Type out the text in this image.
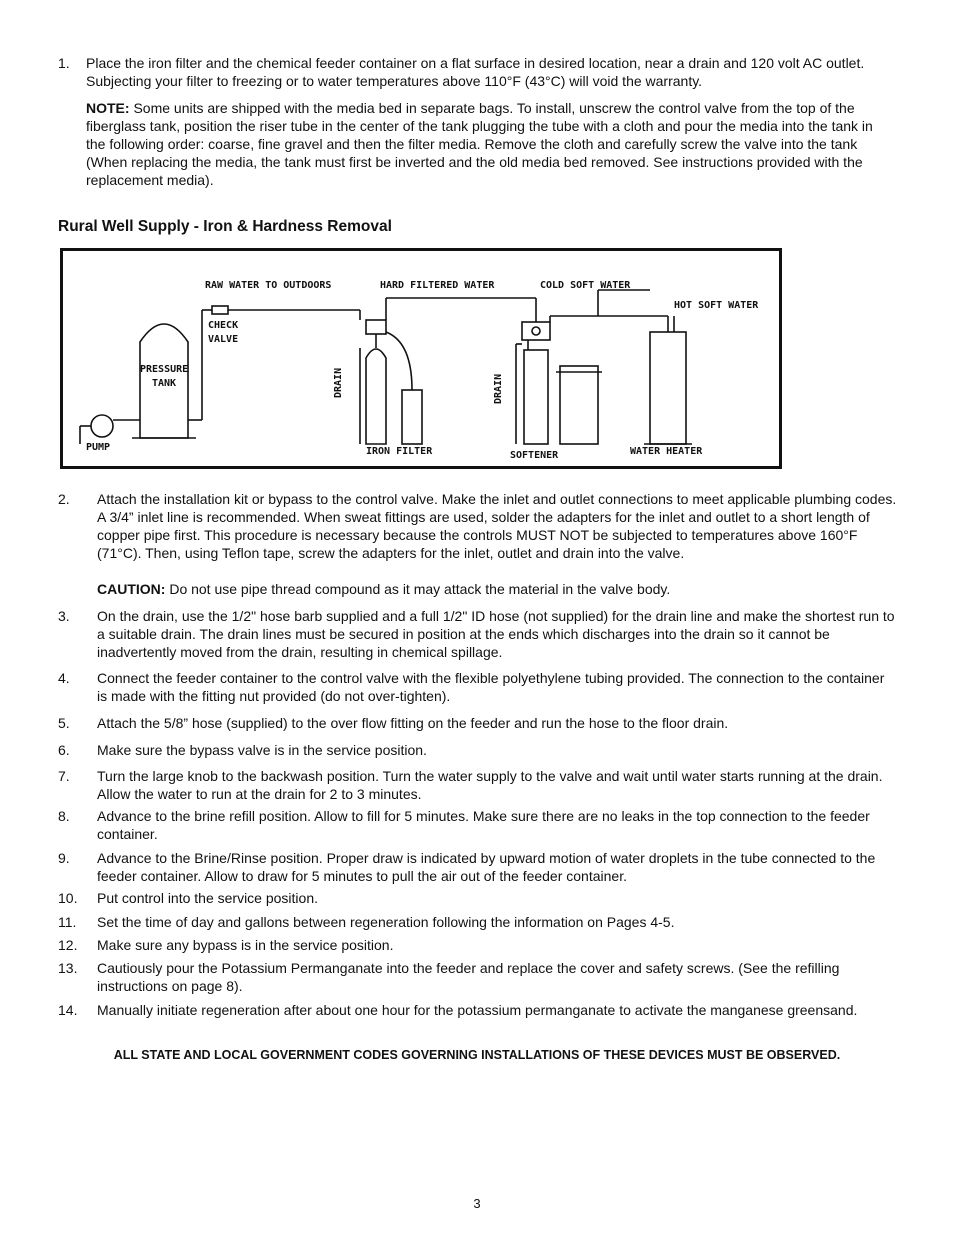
1. Place the iron filter and the chemical feeder container on a flat surface in desired location, near a drain and 120 volt AC outlet. Subjecting your filter to freezing or to water temperatures above 110°F (43°C) will void the warranty.
NOTE: Some units are shipped with the media bed in separate bags. To install, unscrew the control valve from the top of the fiberglass tank, position the riser tube in the center of the tank plugging the tube with a cloth and pour the media into the tank in the following order: coarse, fine gravel and then the filter media. Remove the cloth and carefully screw the valve into the tank (When replacing the media, the tank must first be inverted and the old media bed removed. See instructions provided with the replacement media).
Rural Well Supply - Iron & Hardness Removal
RAW WATER TO OUTDOORS	HARD FILTERED WATER	COLD SOFT WATER
HOT SOFT WATER
CHECK
VALVE
PRESSURE
TANK
PUMP
DRAIN	DRAIN
IRON FILTER	SOFTENER	WATER HEATER
2. Attach the installation kit or bypass to the control valve. Make the inlet and outlet connections to meet applicable plumbing codes. A 3/4” inlet line is recommended. When sweat fittings are used, solder the adapters for the inlet and outlet to a short length of copper pipe first. This procedure is necessary because the controls MUST NOT be subjected to temperatures above 160°F (71°C). Then, using Teflon tape, screw the adapters for the inlet, outlet and drain into the valve.
CAUTION: Do not use pipe thread compound as it may attack the material in the valve body.
3. On the drain, use the 1/2" hose barb supplied and a full 1/2" ID hose (not supplied) for the drain line and make the shortest run to a suitable drain. The drain lines must be secured in position at the ends which discharges into the drain so it cannot be inadvertently moved from the drain, resulting in chemical spillage.
4. Connect the feeder container to the control valve with the flexible polyethylene tubing provided. The connection to the container is made with the fitting nut provided (do not over-tighten).
5. Attach the 5/8” hose (supplied) to the over flow fitting on the feeder and run the hose to the floor drain.
6. Make sure the bypass valve is in the service position.
7. Turn the large knob to the backwash position. Turn the water supply to the valve and wait until water starts running at the drain. Allow the water to run at the drain for 2 to 3 minutes.
8. Advance to the brine refill position. Allow to fill for 5 minutes. Make sure there are no leaks in the top connection to the feeder container.
9. Advance to the Brine/Rinse position. Proper draw is indicated by upward motion of water droplets in the tube connected to the feeder container. Allow to draw for 5 minutes to pull the air out of the feeder container.
10. Put control into the service position.
11. Set the time of day and gallons between regeneration following the information on Pages 4-5.
12. Make sure any bypass is in the service position.
13. Cautiously pour the Potassium Permanganate into the feeder and replace the cover and safety screws. (See the refilling instructions on page 8).
14. Manually initiate regeneration after about one hour for the potassium permanganate to activate the manganese greensand.
ALL STATE AND LOCAL GOVERNMENT CODES GOVERNING INSTALLATIONS OF THESE DEVICES MUST BE OBSERVED.
3
